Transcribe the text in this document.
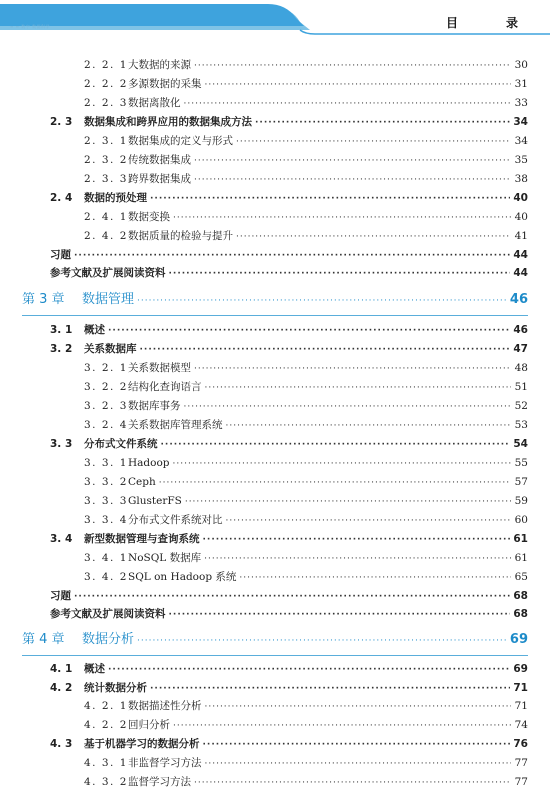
≡ ≡ 数字 数据科学	目　录
2. 2. 1 大数据的来源 ·····	30
2. 2. 2 多源数据的采集 ·····	31
2. 2. 3 数据离散化 ·····	33
2. 3	数据集成和跨界应用的数据集成方法 ·····	34
2. 3. 1 数据集成的定义与形式 ·····	34
2. 3. 2 传统数据集成 ·····	35
2. 3. 3 跨界数据集成 ·····	38
2. 4	数据的预处理 ·····	40
2. 4. 1 数据变换 ·····	40
2. 4. 2 数据质量的检验与提升 ·····	41
习题 ·····	44
参考文献及扩展阅读资料 ·····	44
第 3 章	数据管理 ·····	46
3. 1	概述 ·····	46
3. 2	关系数据库 ·····	47
3. 2. 1 关系数据模型 ·····	48
3. 2. 2 结构化查询语言 ·····	51
3. 2. 3 数据库事务 ·····	52
3. 2. 4 关系数据库管理系统 ·····	53
3. 3	分布式文件系统 ·····	54
3. 3. 1 Hadoop ·····	55
3. 3. 2 Ceph ·····	57
3. 3. 3 GlusterFS ·····	59
3. 3. 4 分布式文件系统对比 ·····	60
3. 4	新型数据管理与查询系统 ·····	61
3. 4. 1 NoSQL 数据库 ·····	61
3. 4. 2 SQL on Hadoop 系统 ·····	65
习题 ·····	68
参考文献及扩展阅读资料 ·····	68
第 4 章	数据分析 ·····	69
4. 1	概述 ·····	69
4. 2	统计数据分析 ·····	71
4. 2. 1 数据描述性分析 ·····	71
4. 2. 2 回归分析 ·····	74
4. 3	基于机器学习的数据分析 ·····	76
4. 3. 1 非监督学习方法 ·····	77
4. 3. 2 监督学习方法 ·····	77
